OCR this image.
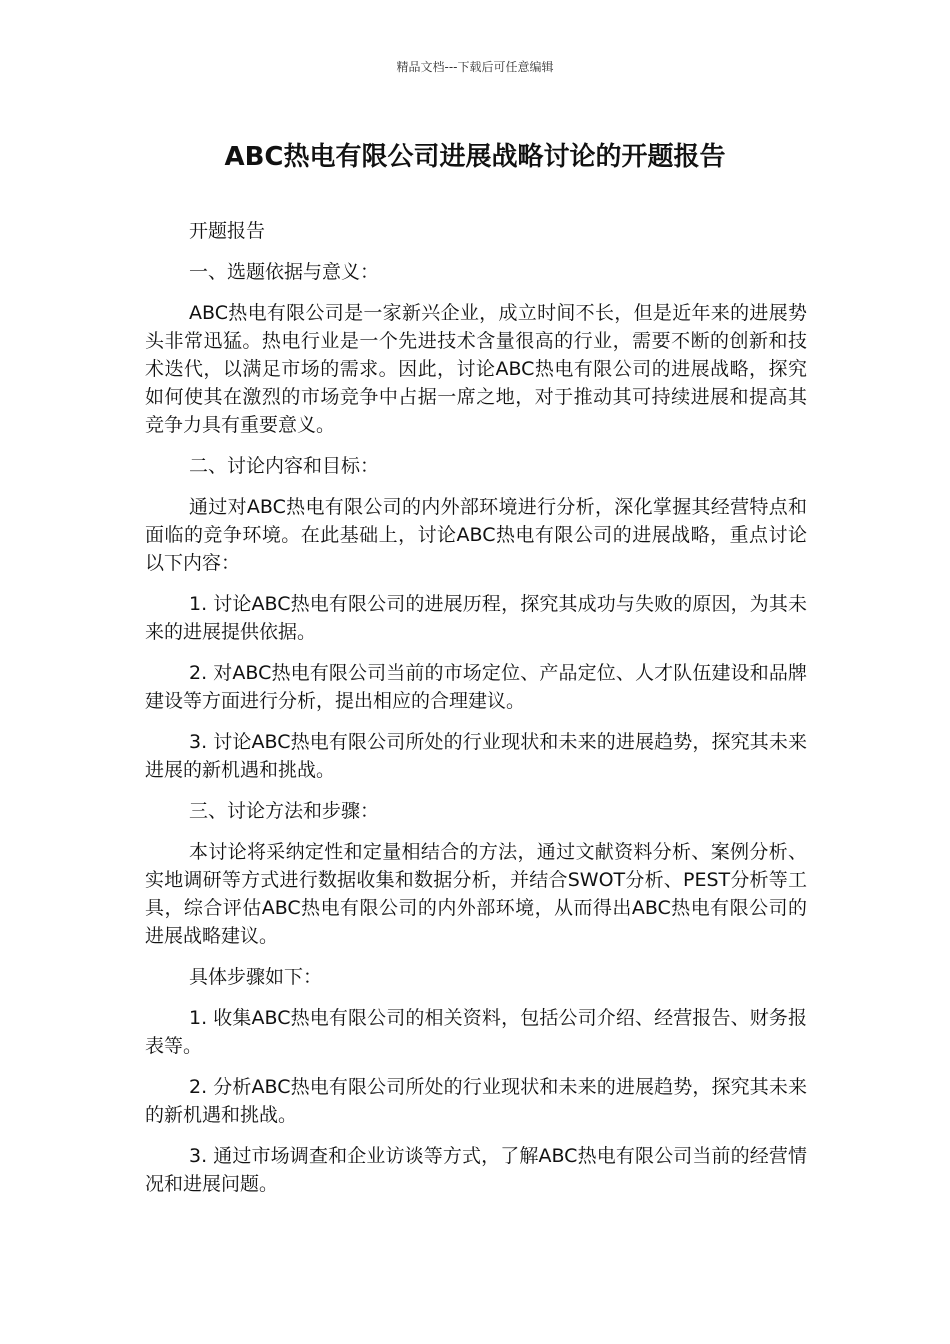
精品文档---下载后可任意编辑
ABC热电有限公司进展战略讨论的开题报告

开题报告

一、选题依据与意义：

ABC热电有限公司是一家新兴企业，成立时间不长，但是近年来的进展势头非常迅猛。热电行业是一个先进技术含量很高的行业，需要不断的创新和技术迭代，以满足市场的需求。因此，讨论ABC热电有限公司的进展战略，探究如何使其在激烈的市场竞争中占据一席之地，对于推动其可持续进展和提高其竞争力具有重要意义。

二、讨论内容和目标：

通过对ABC热电有限公司的内外部环境进行分析，深化掌握其经营特点和面临的竞争环境。在此基础上，讨论ABC热电有限公司的进展战略，重点讨论以下内容：

1. 讨论ABC热电有限公司的进展历程，探究其成功与失败的原因，为其未来的进展提供依据。

2. 对ABC热电有限公司当前的市场定位、产品定位、人才队伍建设和品牌建设等方面进行分析，提出相应的合理建议。

3. 讨论ABC热电有限公司所处的行业现状和未来的进展趋势，探究其未来进展的新机遇和挑战。

三、讨论方法和步骤：

本讨论将采纳定性和定量相结合的方法，通过文献资料分析、案例分析、实地调研等方式进行数据收集和数据分析，并结合SWOT分析、PEST分析等工具，综合评估ABC热电有限公司的内外部环境，从而得出ABC热电有限公司的进展战略建议。

具体步骤如下：

1. 收集ABC热电有限公司的相关资料，包括公司介绍、经营报告、财务报表等。

2. 分析ABC热电有限公司所处的行业现状和未来的进展趋势，探究其未来的新机遇和挑战。

3. 通过市场调查和企业访谈等方式，了解ABC热电有限公司当前的经营情况和进展问题。
